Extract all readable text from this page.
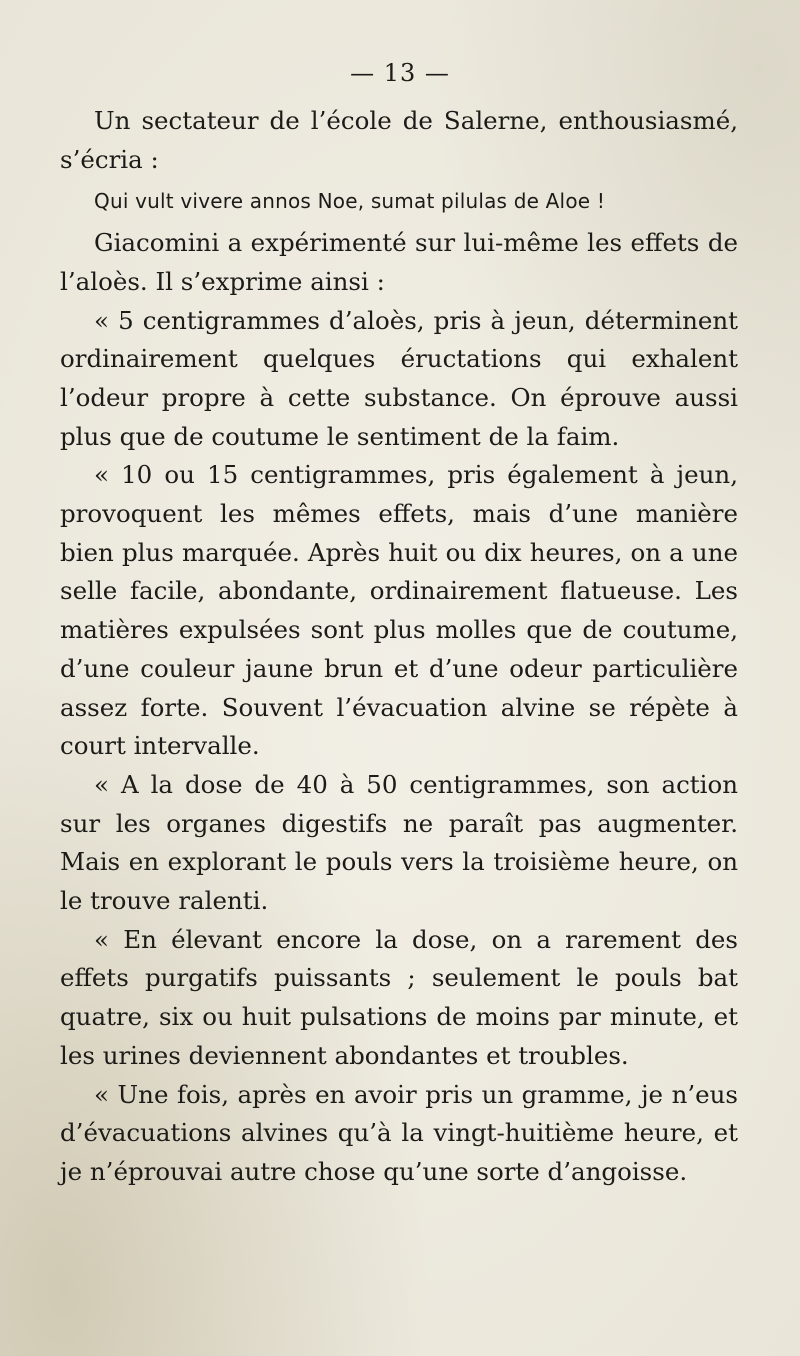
— 13 —

Un sectateur de l’école de Salerne, enthousiasmé, s’écria :

Qui vult vivere annos Noe, sumat pilulas de Aloe !

Giacomini a expérimenté sur lui-même les effets de l’aloès. Il s’exprime ainsi :

« 5 centigrammes d’aloès, pris à jeun, déterminent ordinairement quelques éructations qui exhalent l’odeur propre à cette substance. On éprouve aussi plus que de coutume le sentiment de la faim.

« 10 ou 15 centigrammes, pris également à jeun, provoquent les mêmes effets, mais d’une manière bien plus marquée. Après huit ou dix heures, on a une selle facile, abondante, ordinairement flatueuse. Les matières expulsées sont plus molles que de coutume, d’une couleur jaune brun et d’une odeur particulière assez forte. Souvent l’évacuation alvine se répète à court intervalle.

« A la dose de 40 à 50 centigrammes, son action sur les organes digestifs ne paraît pas augmenter. Mais en explorant le pouls vers la troisième heure, on le trouve ralenti.

« En élevant encore la dose, on a rarement des effets purgatifs puissants ; seulement le pouls bat quatre, six ou huit pulsations de moins par minute, et les urines deviennent abondantes et troubles.

« Une fois, après en avoir pris un gramme, je n’eus d’évacuations alvines qu’à la vingt-huitième heure, et je n’éprouvai autre chose qu’une sorte d’angoisse.
